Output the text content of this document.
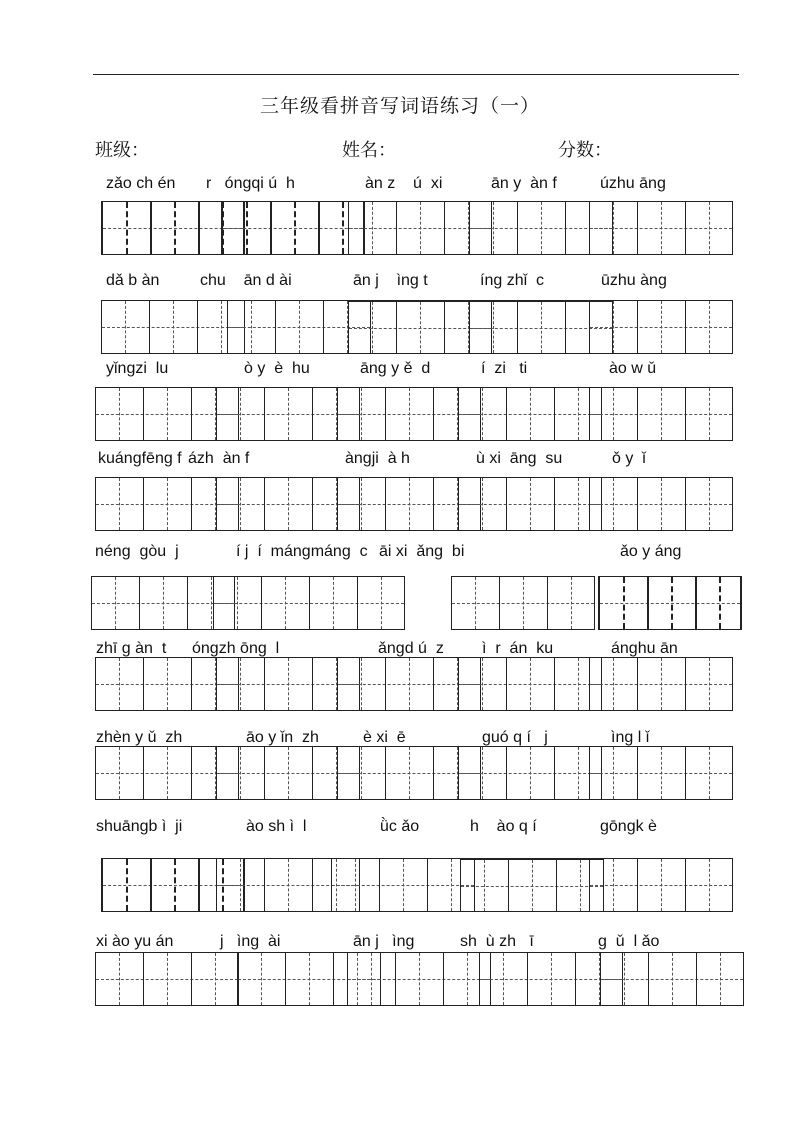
三年级看拼音写词语练习（一）
班级：	姓名：	分数：
zǎo ch én r   óngqi ú  h	àn z    ú  xi	ān y  àn f	úzhu āng
dǎ b àn	chu    ān d ài	ān j    ìng t	íng zhǐ  c	ūzhu àng
yǐngzi  lu	ò y  è  hu	āng y ě  d	í  zi   ti	ào w ǔ
kuángfēng f ázh  àn f	àngji  à h	ù xi  āng  su	ǒ y  ǐ
néng  gòu  j	í j  í  mángmáng  c āi xi  ǎng  bi	ǎo y áng
zhī g àn  t óngzh ōng  l	ǎngd ú  z ì  r  án  ku	ánghu ān
zhèn y ǔ  zh	āo y ǐn  zh	è xi  ē	guó q í   j	ìng l ǐ
shuāngb ì  ji	ào sh ì  l	ǜc ǎo	h    ào q í	gōngk è
xi ào yu án	j   ìng  ài	ān j   ìng	sh  ù zh   ī	g  ǔ  l ǎo
